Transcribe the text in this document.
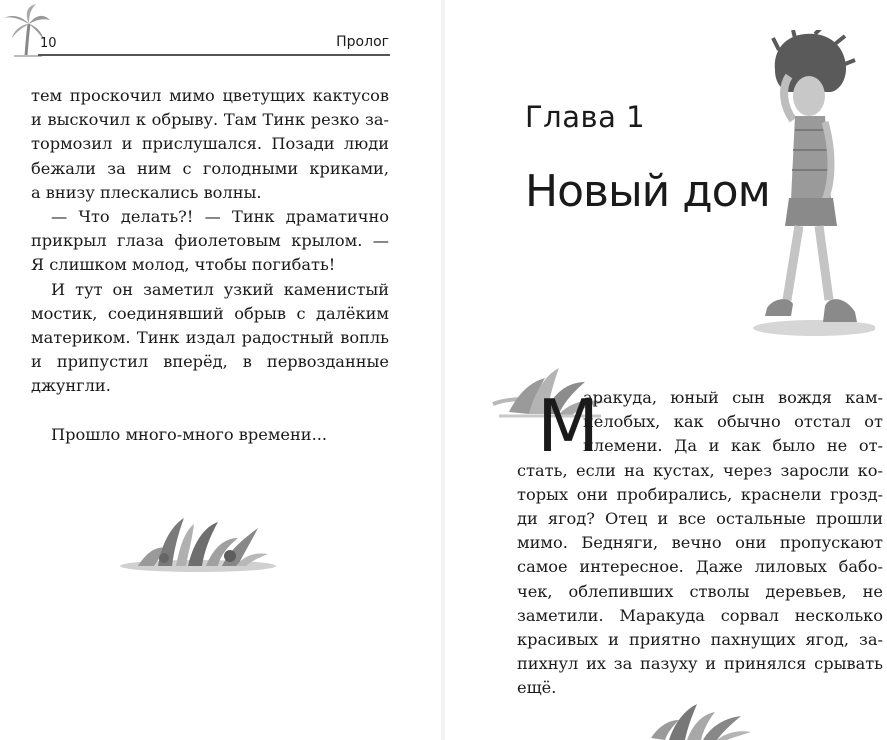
10	Пролог
тем проскочил мимо цветущих кактусов
и выскочил к обрыву. Там Тинк резко за-
тормозил и прислушался. Позади люди
бежали за ним с голодными криками,
а внизу плескались волны.
— Что делать?! — Тинк драматично
прикрыл глаза фиолетовым крылом. —
Я слишком молод, чтобы погибать!
И тут он заметил узкий каменистый
мостик, соединявший обрыв с далёким
материком. Тинк издал радостный вопль
и припустил вперёд, в первозданные
джунгли.
Прошло много-много времени...
Глава 1
Новый дом
М
аракуда, юный сын вождя кам-
нелобых, как обычно отстал от
племени. Да и как было не от-
стать, если на кустах, через заросли ко-
торых они пробирались, краснели грозд-
ди ягод? Отец и все остальные прошли
мимо. Бедняги, вечно они пропускают
самое интересное. Даже лиловых бабо-
чек, облепивших стволы деревьев, не
заметили. Маракуда сорвал несколько
красивых и приятно пахнущих ягод, за-
пихнул их за пазуху и принялся срывать
ещё.
